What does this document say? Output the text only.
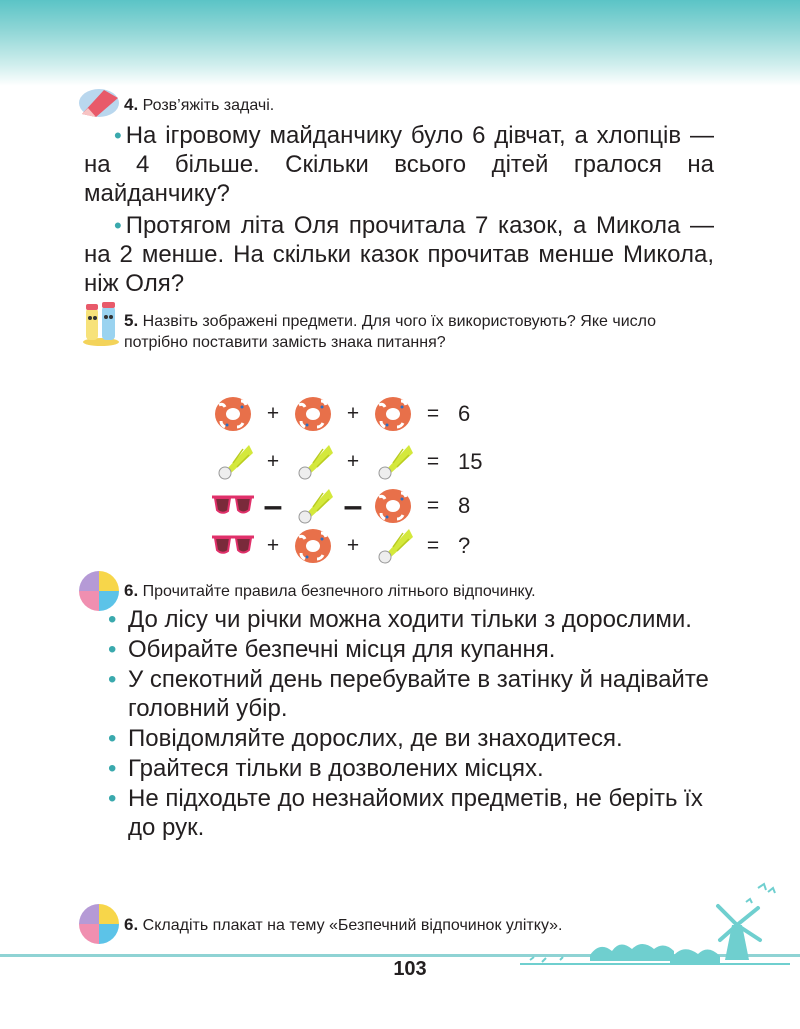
4. Розв’яжіть задачі.

• На ігровому майданчику було 6 дівчат, а хлопців — на 4 більше. Скільки всього дітей гралося на майданчику?

• Протягом літа Оля прочитала 7 казок, а Микола — на 2 менше. На скільки казок прочитав менше Микола, ніж Оля?

5. Назвіть зображені предмети. Для чого їх використовують? Яке число потрібно поставити замість знака питання?
+	+	= 6
+	+	= 15
– –	= 8
+	+	= ?
6. Прочитайте правила безпечного літнього відпочинку.
• До лісу чи річки можна ходити тільки з дорослими.
• Обирайте безпечні місця для купання.
• У спекотний день перебувайте в затінку й надівайте головний убір.
• Повідомляйте дорослих, де ви знаходитеся.
• Грайтеся тільки в дозволених місцях.
• Не підходьте до незнайомих предметів, не беріть їх до рук.
6. Складіть плакат на тему «Безпечний відпочинок улітку».
103
